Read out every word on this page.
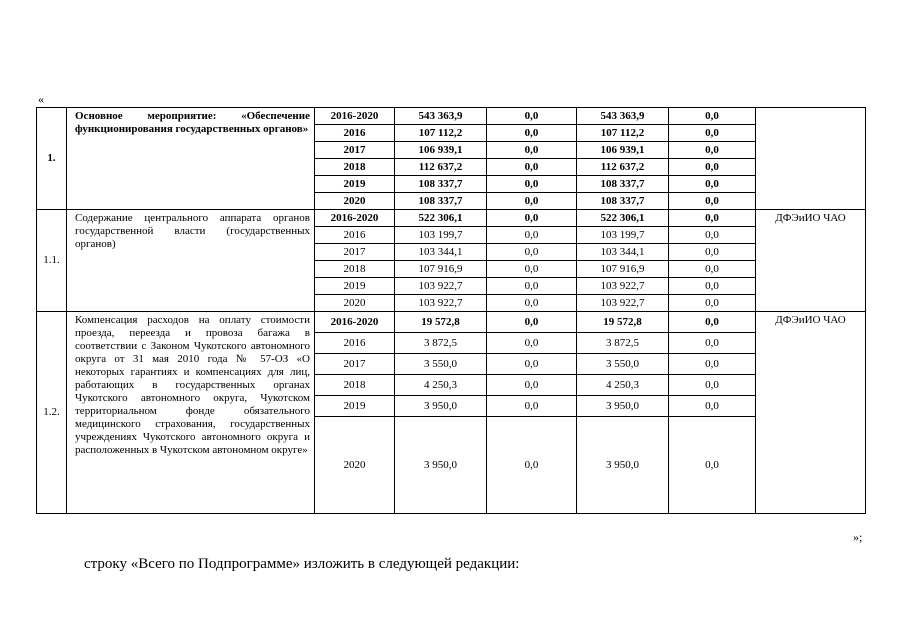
«
1.	Основное мероприятие: «Обеспечение функционирования государственных органов»	2016-2020	543 363,9	0,0	543 363,9	0,0	
		2016	107 112,2	0,0	107 112,2	0,0	
		2017	106 939,1	0,0	106 939,1	0,0	
		2018	112 637,2	0,0	112 637,2	0,0	
		2019	108 337,7	0,0	108 337,7	0,0	
		2020	108 337,7	0,0	108 337,7	0,0	
1.1.	Содержание центрального аппарата органов государственной власти (государственных органов)	2016-2020	522 306,1	0,0	522 306,1	0,0	ДФЭиИО ЧАО
		2016	103 199,7	0,0	103 199,7	0,0	
		2017	103 344,1	0,0	103 344,1	0,0	
		2018	107 916,9	0,0	107 916,9	0,0	
		2019	103 922,7	0,0	103 922,7	0,0	
		2020	103 922,7	0,0	103 922,7	0,0	
1.2.	Компенсация расходов на оплату стоимости проезда, переезда и провоза багажа в соответствии с Законом Чукотского автономного округа от 31 мая 2010 года № 57-ОЗ «О некоторых гарантиях и компенсациях для лиц, работающих в государственных органах Чукотского автономного округа, Чукотском территориальном фонде обязательного медицинского страхования, государственных учреждениях Чукотского автономного округа и расположенных в Чукотском автономном округе»	2016-2020	19 572,8	0,0	19 572,8	0,0	ДФЭиИО ЧАО
		2016	3 872,5	0,0	3 872,5	0,0	
		2017	3 550,0	0,0	3 550,0	0,0	
		2018	4 250,3	0,0	4 250,3	0,0	
		2019	3 950,0	0,0	3 950,0	0,0	
		2020	3 950,0	0,0	3 950,0	0,0	
»;
строку «Всего по Подпрограмме» изложить в следующей редакции:
